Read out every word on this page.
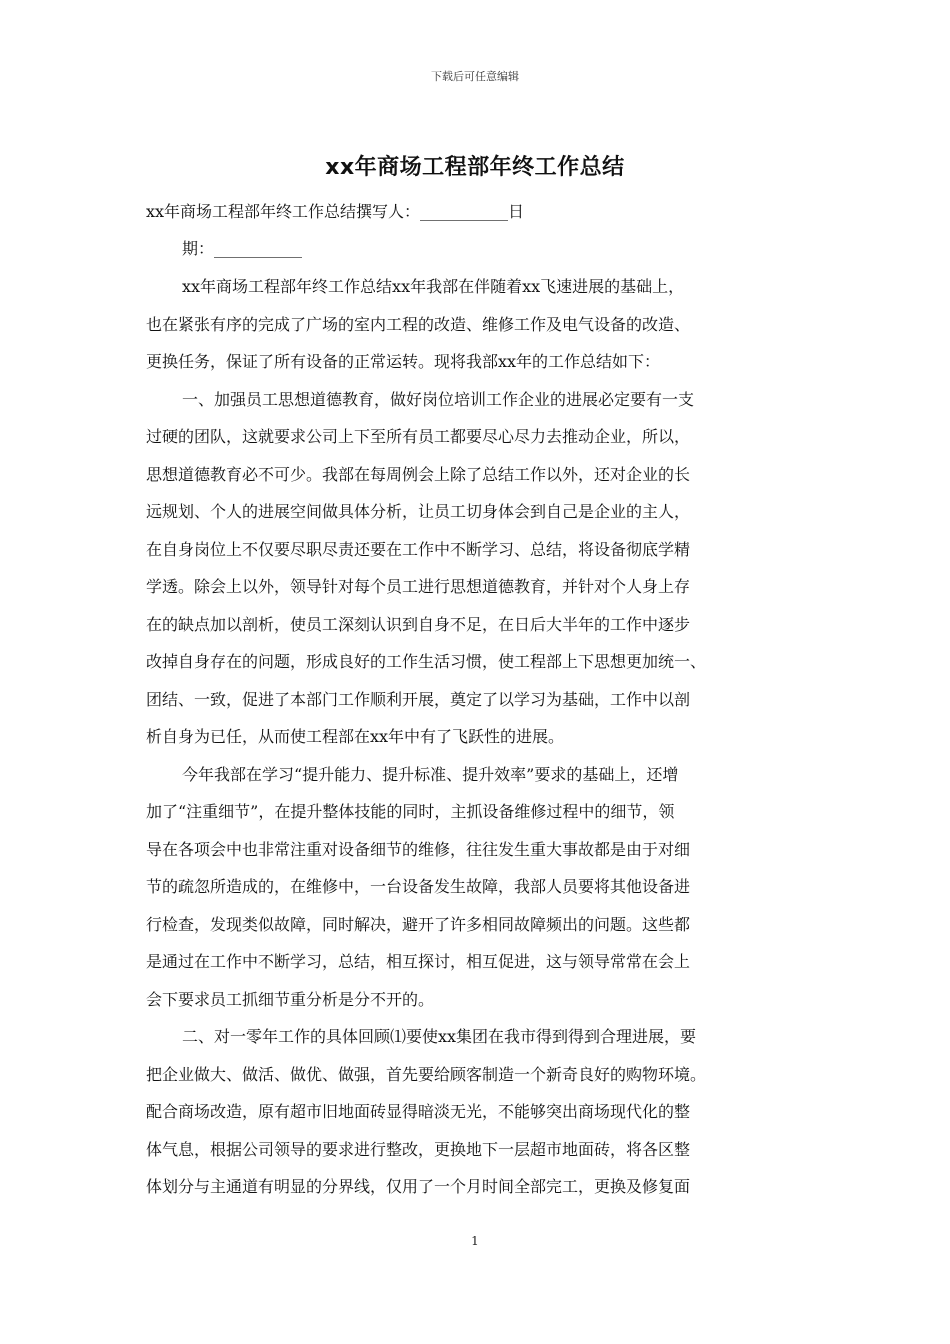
下载后可任意编辑
xx年商场工程部年终工作总结
xx年商场工程部年终工作总结撰写人：___________日
期：___________
xx年商场工程部年终工作总结xx年我部在伴随着xx飞速进展的基础上，
也在紧张有序的完成了广场的室内工程的改造、维修工作及电气设备的改造、
更换任务，保证了所有设备的正常运转。现将我部xx年的工作总结如下：
一、加强员工思想道德教育，做好岗位培训工作企业的进展必定要有一支
过硬的团队，这就要求公司上下至所有员工都要尽心尽力去推动企业，所以，
思想道德教育必不可少。我部在每周例会上除了总结工作以外，还对企业的长
远规划、个人的进展空间做具体分析，让员工切身体会到自己是企业的主人，
在自身岗位上不仅要尽职尽责还要在工作中不断学习、总结，将设备彻底学精
学透。除会上以外，领导针对每个员工进行思想道德教育，并针对个人身上存
在的缺点加以剖析，使员工深刻认识到自身不足，在日后大半年的工作中逐步
改掉自身存在的问题，形成良好的工作生活习惯，使工程部上下思想更加统一、
团结、一致，促进了本部门工作顺利开展，奠定了以学习为基础，工作中以剖
析自身为已任，从而使工程部在xx年中有了飞跃性的进展。
今年我部在学习“提升能力、提升标准、提升效率”要求的基础上，还增
加了“注重细节”，在提升整体技能的同时，主抓设备维修过程中的细节，领
导在各项会中也非常注重对设备细节的维修，往往发生重大事故都是由于对细
节的疏忽所造成的，在维修中，一台设备发生故障，我部人员要将其他设备进
行检查，发现类似故障，同时解决，避开了许多相同故障频出的问题。这些都
是通过在工作中不断学习，总结，相互探讨，相互促进，这与领导常常在会上
会下要求员工抓细节重分析是分不开的。
二、对一零年工作的具体回顾⑴要使xx集团在我市得到得到合理进展，要
把企业做大、做活、做优、做强，首先要给顾客制造一个新奇良好的购物环境。
配合商场改造，原有超市旧地面砖显得暗淡无光，不能够突出商场现代化的整
体气息，根据公司领导的要求进行整改，更换地下一层超市地面砖，将各区整
体划分与主通道有明显的分界线，仅用了一个月时间全部完工，更换及修复面
1
